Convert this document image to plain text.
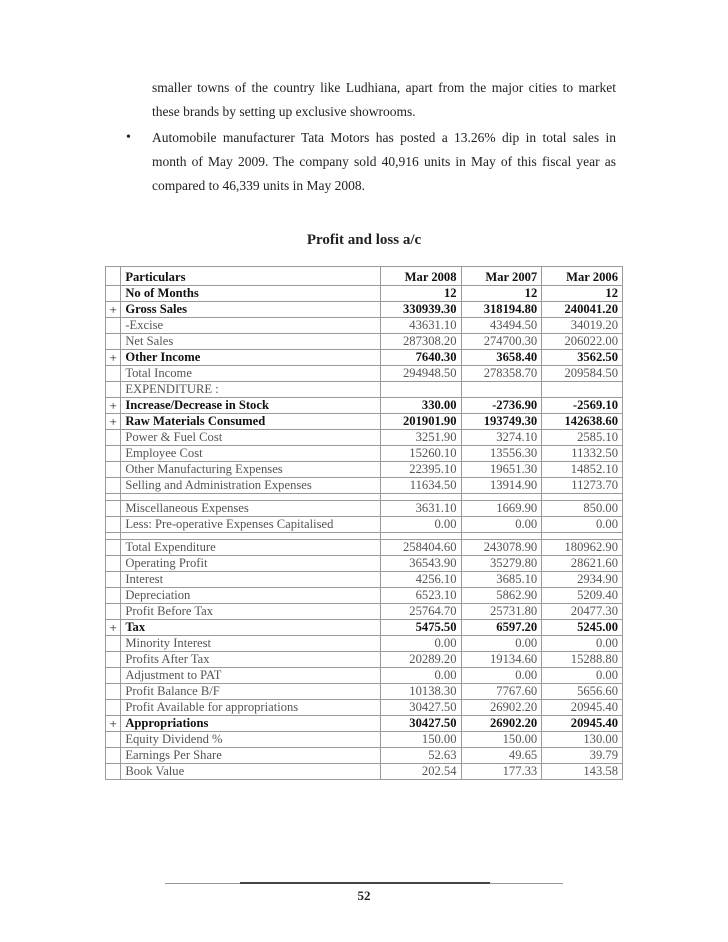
smaller towns of the country like Ludhiana, apart from the major cities to market these brands by setting up exclusive showrooms.

•	Automobile manufacturer Tata Motors has posted a 13.26% dip in total sales in month of May 2009. The company sold 40,916 units in May of this fiscal year as compared to 46,339 units in May 2008.
Profit and loss a/c
	Particulars	Mar 2008	Mar 2007	Mar 2006
	No of Months	12	12	12
+	Gross Sales	330939.30	318194.80	240041.20
	-Excise	43631.10	43494.50	34019.20
	Net Sales	287308.20	274700.30	206022.00
+	Other Income	7640.30	3658.40	3562.50
	Total Income	294948.50	278358.70	209584.50
	EXPENDITURE :			
+	Increase/Decrease in Stock	330.00	-2736.90	-2569.10
+	Raw Materials Consumed	201901.90	193749.30	142638.60
	Power & Fuel Cost	3251.90	3274.10	2585.10
	Employee Cost	15260.10	13556.30	11332.50
	Other Manufacturing Expenses	22395.10	19651.30	14852.10
	Selling and Administration Expenses	11634.50	13914.90	11273.70

	Miscellaneous Expenses	3631.10	1669.90	850.00
	Less: Pre-operative Expenses Capitalised	0.00	0.00	0.00

	Total Expenditure	258404.60	243078.90	180962.90
	Operating Profit	36543.90	35279.80	28621.60
	Interest	4256.10	3685.10	2934.90
	Depreciation	6523.10	5862.90	5209.40
	Profit Before Tax	25764.70	25731.80	20477.30
+	Tax	5475.50	6597.20	5245.00
	Minority Interest	0.00	0.00	0.00
	Profits After Tax	20289.20	19134.60	15288.80
	Adjustment to PAT	0.00	0.00	0.00
	Profit Balance B/F	10138.30	7767.60	5656.60
	Profit Available for appropriations	30427.50	26902.20	20945.40
+	Appropriations	30427.50	26902.20	20945.40
	Equity Dividend %	150.00	150.00	130.00
	Earnings Per Share	52.63	49.65	39.79
	Book Value	202.54	177.33	143.58
52
